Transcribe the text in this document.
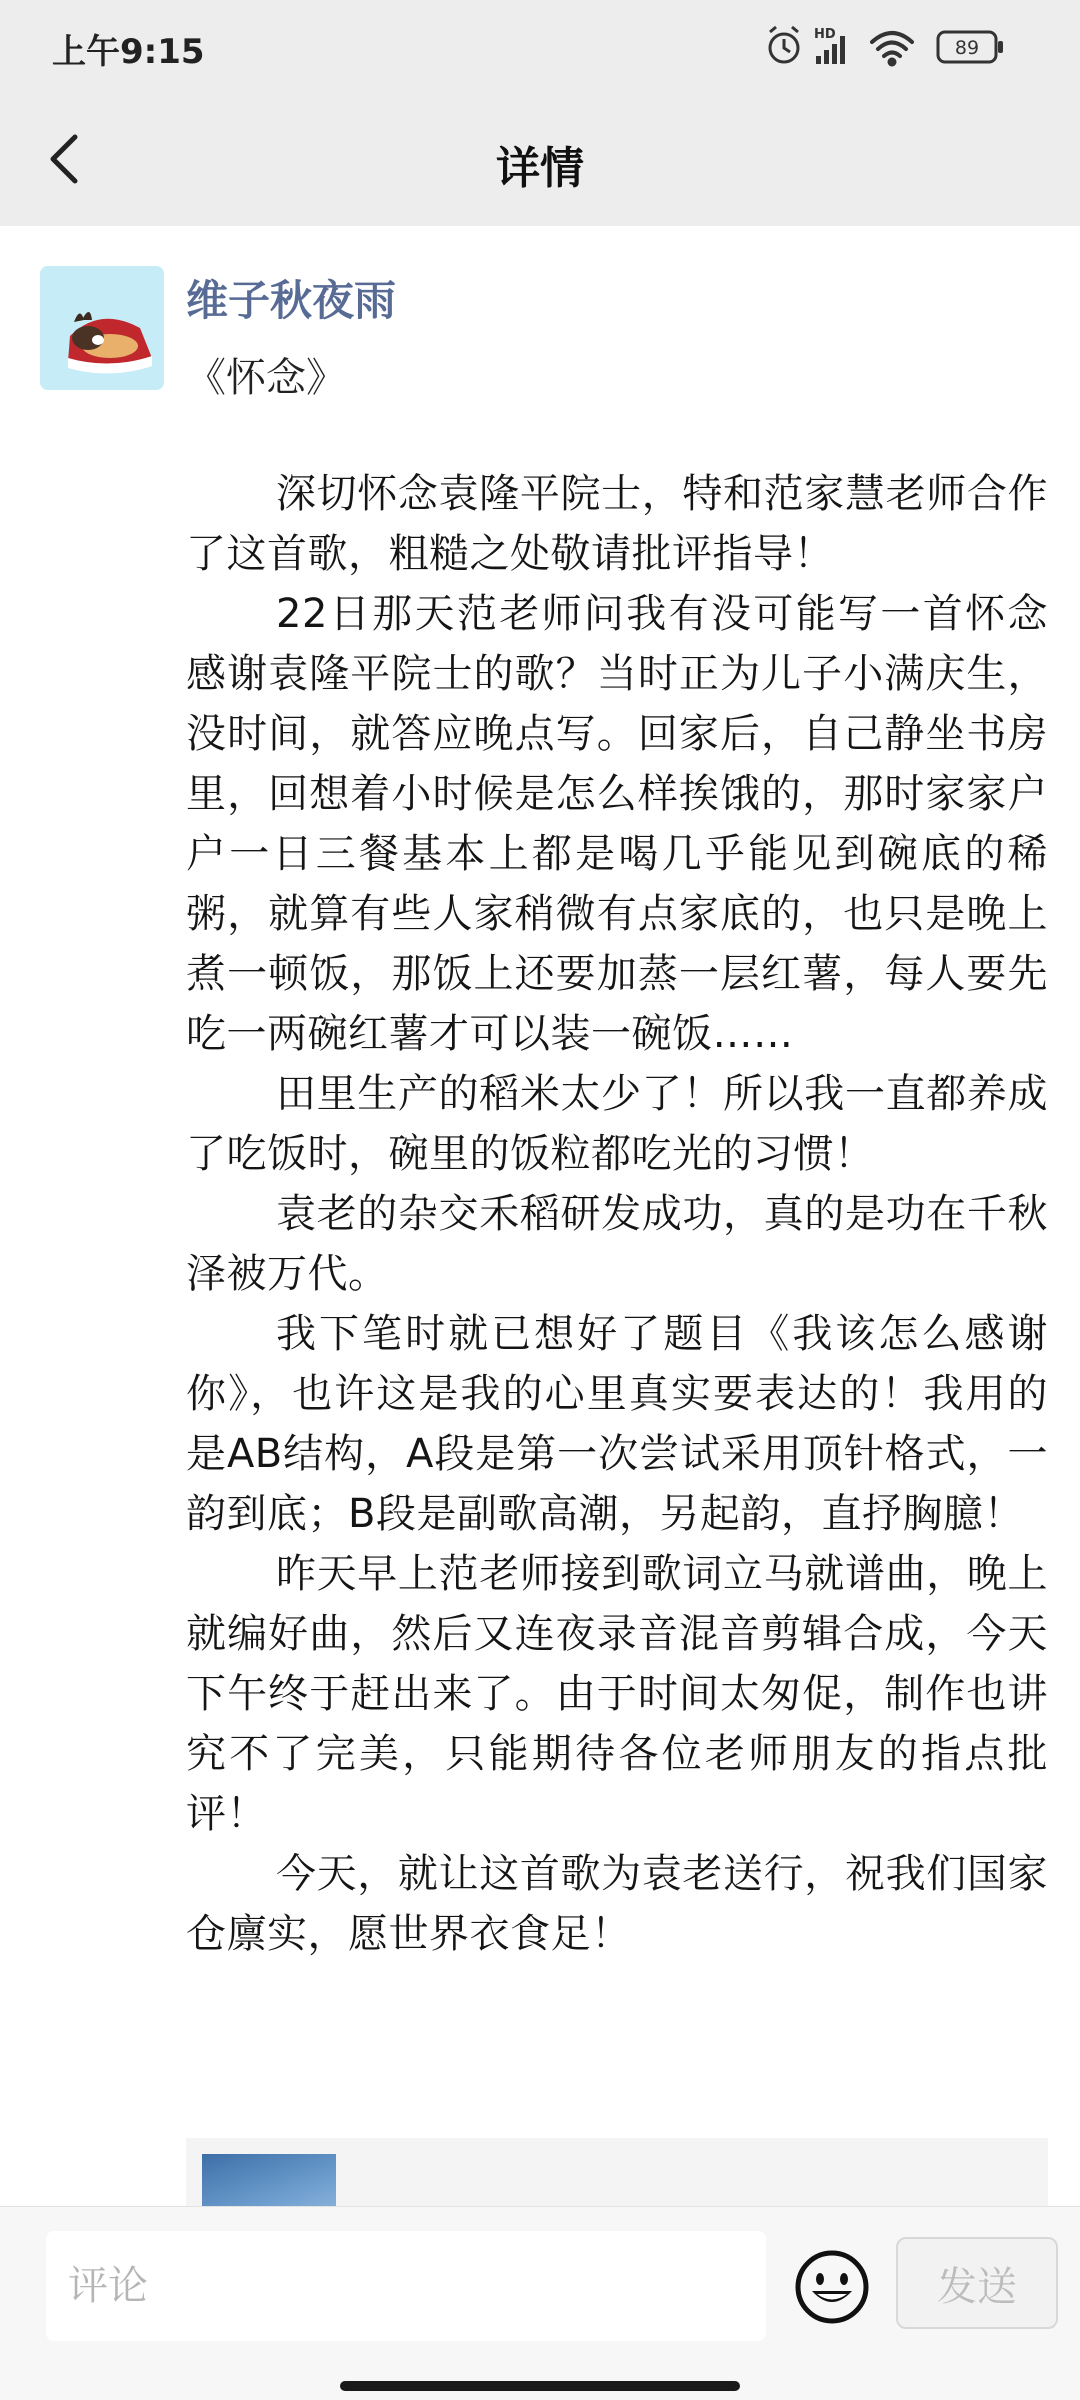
上午9:15	HD
89
详情
维子秋夜雨
《怀念》

深切怀念袁隆平院士，特和范家慧老师合作了这首歌，粗糙之处敬请批评指导！

22日那天范老师问我有没可能写一首怀念感谢袁隆平院士的歌？当时正为儿子小满庆生，没时间，就答应晚点写。回家后，自己静坐书房里，回想着小时候是怎么样挨饿的，那时家家户户一日三餐基本上都是喝几乎能见到碗底的稀粥，就算有些人家稍微有点家底的，也只是晚上煮一顿饭，那饭上还要加蒸一层红薯，每人要先吃一两碗红薯才可以装一碗饭……

田里生产的稻米太少了！所以我一直都养成了吃饭时，碗里的饭粒都吃光的习惯！

袁老的杂交禾稻研发成功，真的是功在千秋泽被万代。

我下笔时就已想好了题目《我该怎么感谢你》，也许这是我的心里真实要表达的！我用的是AB结构，A段是第一次尝试采用顶针格式，一韵到底；B段是副歌高潮，另起韵，直抒胸臆！

昨天早上范老师接到歌词立马就谱曲，晚上就编好曲，然后又连夜录音混音剪辑合成，今天下午终于赶出来了。由于时间太匆促，制作也讲究不了完美，只能期待各位老师朋友的指点批评！

今天，就让这首歌为袁老送行，祝我们国家仓廪实，愿世界衣食足！

评论
发送
